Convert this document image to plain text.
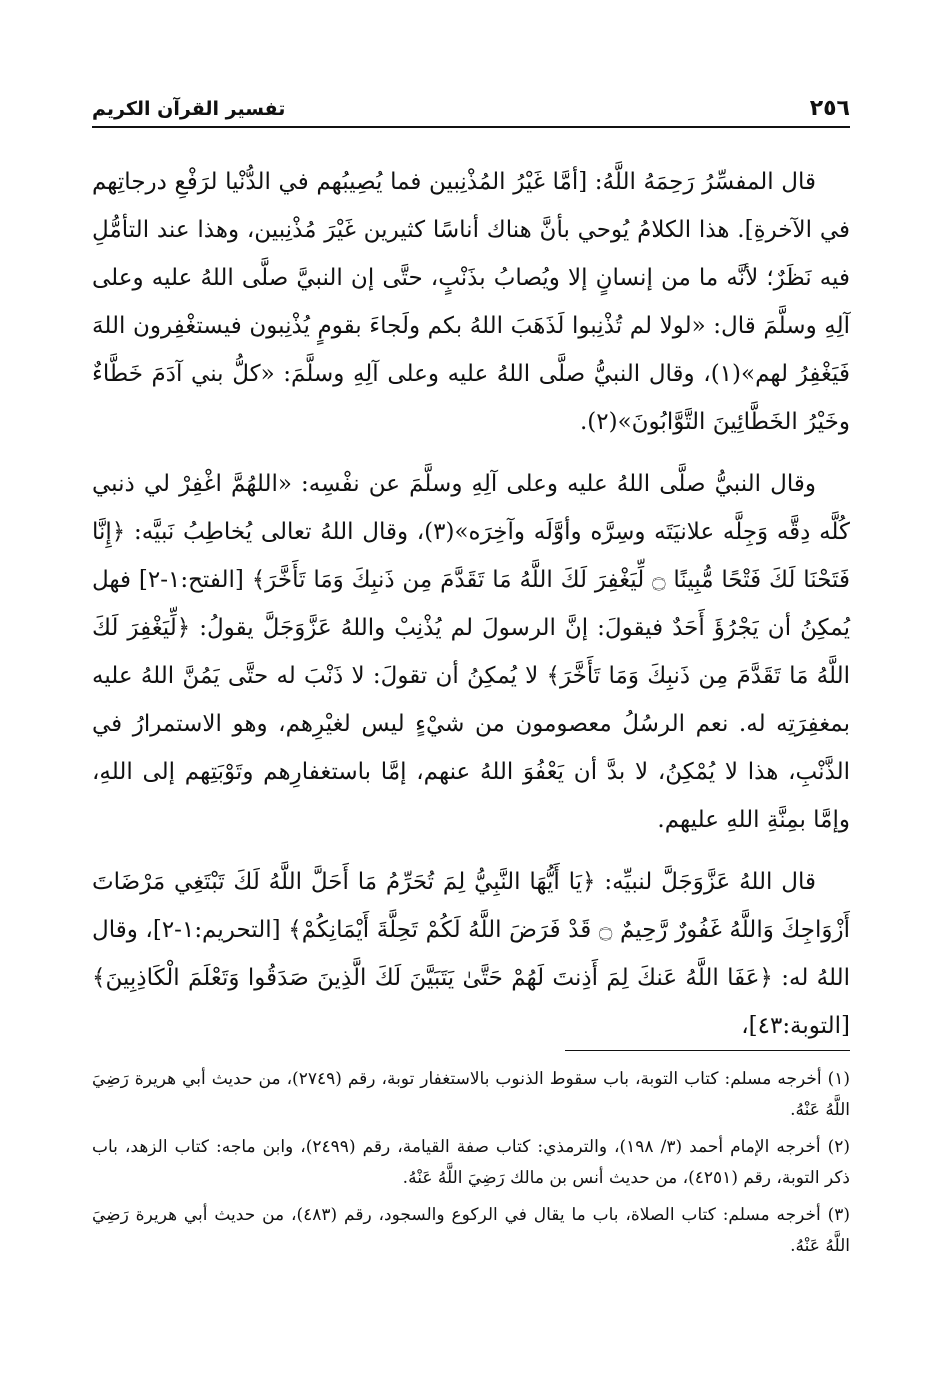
٢٥٦
تفسير القرآن الكريم

قال المفسِّرُ رَحِمَهُ اللَّهُ: [أمَّا غَيْرُ المُذْنِبين فما يُصِيبُهم في الدُّنْيا لرَفْعِ درجاتِهم في الآخرةِ]. هذا الكلامُ يُوحي بأنَّ هناك أناسًا كثيرين غَيْرَ مُذْنِبين، وهذا عند التأمُّلِ فيه نَظَرٌ؛ لأنَّه ما من إنسانٍ إلا ويُصابُ بذَنْبٍ، حتَّى إن النبيَّ صلَّى اللهُ عليه وعلى آلِهِ وسلَّمَ قال: «لولا لم تُذْنِبوا لَذَهَبَ اللهُ بكم ولَجاءَ بقومٍ يُذْنِبون فيستغْفِرون اللهَ فَيَغْفِرُ لهم»(١)، وقال النبيُّ صلَّى اللهُ عليه وعلى آلِهِ وسلَّمَ: «كلُّ بني آدَمَ خَطَّاءٌ وخَيْرُ الخَطَّائِينَ التَّوَّابُونَ»(٢).

وقال النبيُّ صلَّى اللهُ عليه وعلى آلِهِ وسلَّمَ عن نفْسِه: «اللهُمَّ اغْفِرْ لي ذنبي كُلَّه دِقَّه وَجِلَّه علانيَتَه وسِرَّه وأوَّلَه وآخِرَه»(٣)، وقال اللهُ تعالى يُخاطِبُ نَبيَّه: ﴿إِنَّا فَتَحْنَا لَكَ فَتْحًا مُّبِينًا ۝ لِّيَغْفِرَ لَكَ اللَّهُ مَا تَقَدَّمَ مِن ذَنبِكَ وَمَا تَأَخَّرَ﴾ [الفتح:١-٢] فهل يُمكِنُ أن يَجْرُؤَ أَحَدٌ فيقولَ: إنَّ الرسولَ لم يُذْنِبْ واللهُ عَزَّوَجَلَّ يقولُ: ﴿لِّيَغْفِرَ لَكَ اللَّهُ مَا تَقَدَّمَ مِن ذَنبِكَ وَمَا تَأَخَّرَ﴾ لا يُمكِنُ أن تقولَ: لا ذَنْبَ له حتَّى يَمُنَّ اللهُ عليه بمغفِرَتِه له. نعم الرسُلُ معصومون من شيْءٍ ليس لغيْرِهم، وهو الاستمرارُ في الذَّنْبِ، هذا لا يُمْكِنُ، لا بدَّ أن يَعْفُوَ اللهُ عنهم، إمَّا باستغفارِهم وتَوْبَتِهم إلى اللهِ، وإمَّا بمِنَّةِ اللهِ عليهم.

قال اللهُ عَزَّوَجَلَّ لنبيِّه: ﴿يَا أَيُّهَا النَّبِيُّ لِمَ تُحَرِّمُ مَا أَحَلَّ اللَّهُ لَكَ تَبْتَغِي مَرْضَاتَ أَزْوَاجِكَ وَاللَّهُ غَفُورٌ رَّحِيمٌ ۝ قَدْ فَرَضَ اللَّهُ لَكُمْ تَحِلَّةَ أَيْمَانِكُمْ﴾ [التحريم:١-٢]، وقال اللهُ له: ﴿عَفَا اللَّهُ عَنكَ لِمَ أَذِنتَ لَهُمْ حَتَّىٰ يَتَبَيَّنَ لَكَ الَّذِينَ صَدَقُوا وَتَعْلَمَ الْكَاذِبِينَ﴾ [التوبة:٤٣]،

(١) أخرجه مسلم: كتاب التوبة، باب سقوط الذنوب بالاستغفار توبة، رقم (٢٧٤٩)، من حديث أبي هريرة رَضِيَ اللَّهُ عَنْهُ.

(٢) أخرجه الإمام أحمد (٣/ ١٩٨)، والترمذي: كتاب صفة القيامة، رقم (٢٤٩٩)، وابن ماجه: كتاب الزهد، باب ذكر التوبة، رقم (٤٢٥١)، من حديث أنس بن مالك رَضِيَ اللَّهُ عَنْهُ.

(٣) أخرجه مسلم: كتاب الصلاة، باب ما يقال في الركوع والسجود، رقم (٤٨٣)، من حديث أبي هريرة رَضِيَ اللَّهُ عَنْهُ.
